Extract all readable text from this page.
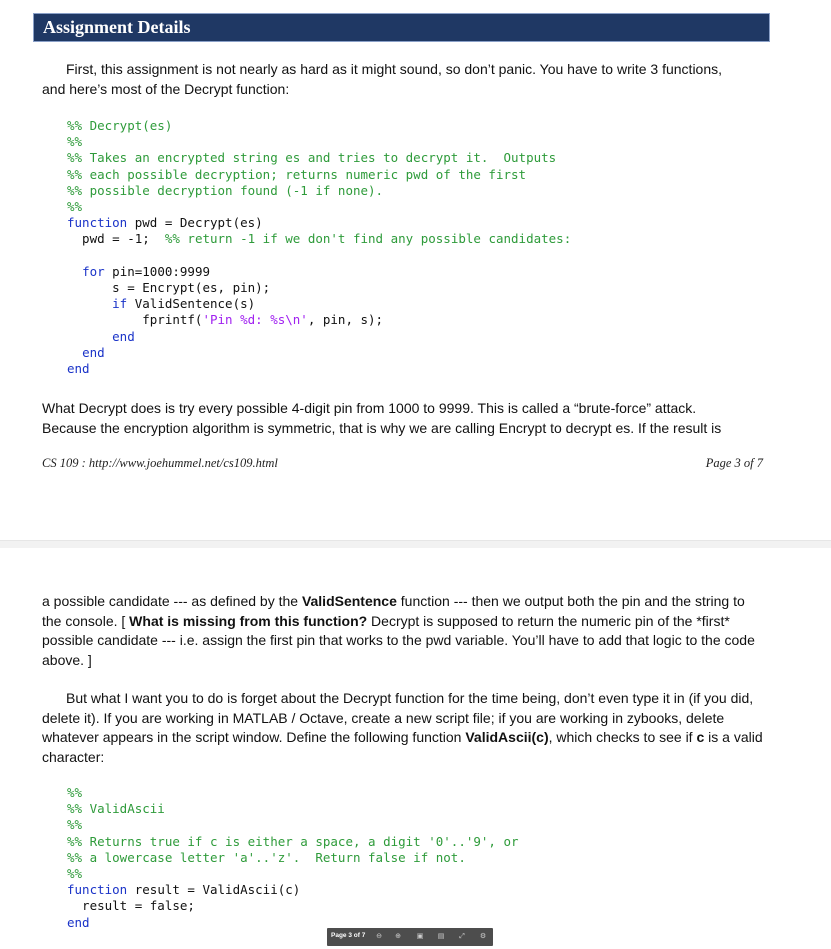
Assignment Details

First, this assignment is not nearly as hard as it might sound, so don’t panic. You have to write 3 functions,
and here’s most of the Decrypt function:

%% Decrypt(es)
%%
%% Takes an encrypted string es and tries to decrypt it.  Outputs
%% each possible decryption; returns numeric pwd of the first
%% possible decryption found (-1 if none).
%%
function pwd = Decrypt(es)
pwd = -1;  %% return -1 if we don't find any possible candidates:

for pin=1000:9999
s = Encrypt(es, pin);
if ValidSentence(s)
fprintf('Pin %d: %s\n', pin, s);
end
end
end

What Decrypt does is try every possible 4-digit pin from 1000 to 9999. This is called a “brute-force” attack.
Because the encryption algorithm is symmetric, that is why we are calling Encrypt to decrypt es. If the result is

CS 109 : http://www.joehummel.net/cs109.html	Page 3 of 7

a possible candidate --- as defined by the ValidSentence function --- then we output both the pin and the string to the console. [ What is missing from this function? Decrypt is supposed to return the numeric pin of the *first* possible candidate --- i.e. assign the first pin that works to the pwd variable. You’ll have to add that logic to the code above. ]

But what I want you to do is forget about the Decrypt function for the time being, don’t even type it in (if you did, delete it). If you are working in MATLAB / Octave, create a new script file; if you are working in zybooks, delete whatever appears in the script window. Define the following function ValidAscii(c), which checks to see if c is a valid character:

%%
%% ValidAscii
%%
%% Returns true if c is either a space, a digit '0'..'9', or
%% a lowercase letter 'a'..'z'.  Return false if not.
%%
function result = ValidAscii(c)
result = false;
end
Page 3 of 7 ⊖ ⊕ ▣ ▤ ⤢ ⚙
